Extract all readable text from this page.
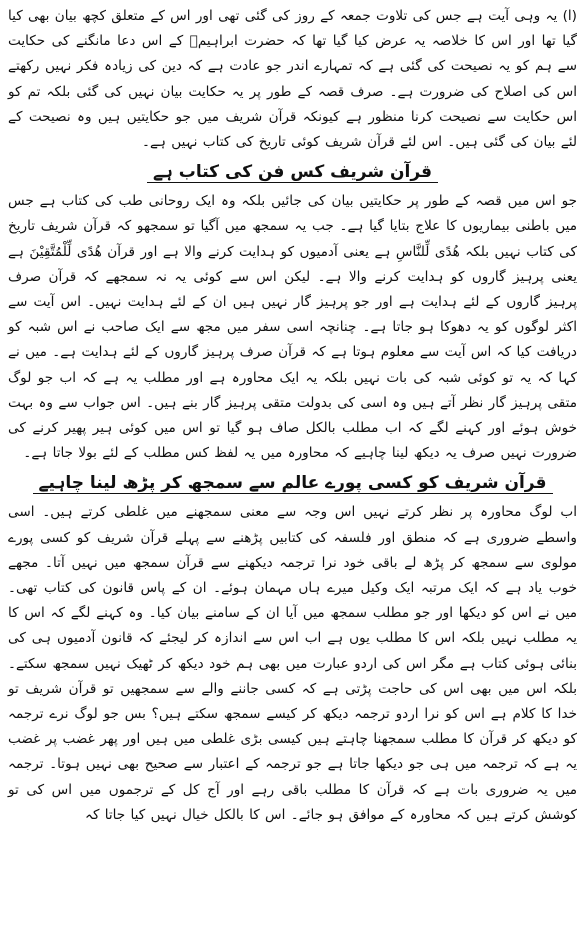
(ا) یہ وہی آیت ہے جس کی تلاوت جمعہ کے روز کی گئی تھی اور اس کے متعلق کچھ بیان بھی کیا گیا تھا اور اس کا خلاصہ یہ عرض کیا گیا تھا کہ حضرت ابراہیمؑ کے اس دعا مانگنے کی حکایت سے ہم کو یہ نصیحت کی گئی ہے کہ تمہارے اندر جو عادت ہے کہ دین کی زیادہ فکر نہیں رکھتے اس کی اصلاح کی ضرورت ہے۔ صرف قصہ کے طور پر یہ حکایت بیان نہیں کی گئی بلکہ تم کو اس حکایت سے نصیحت کرنا منظور ہے کیونکہ قرآن شریف میں جو حکایتیں ہیں وہ نصیحت کے لئے بیان کی گئی ہیں۔ اس لئے قرآن شریف کوئی تاریخ کی کتاب نہیں ہے۔

قرآن شریف کس فن کی کتاب ہے

جو اس میں قصہ کے طور پر حکایتیں بیان کی جائیں بلکہ وہ ایک روحانی طب کی کتاب ہے جس میں باطنی بیماریوں کا علاج بتایا گیا ہے۔ جب یہ سمجھ میں آگیا تو سمجھو کہ قرآن شریف تاریخ کی کتاب نہیں بلکہ هُدًى لِّلنَّاسِ ہے یعنی آدمیوں کو ہدایت کرنے والا ہے اور قرآن هُدًى لِّلْمُتَّقِيْنَ ہے یعنی پرہیز گاروں کو ہدایت کرنے والا ہے۔ لیکن اس سے کوئی یہ نہ سمجھے کہ قرآن صرف پرہیز گاروں کے لئے ہدایت ہے اور جو پرہیز گار نہیں ہیں ان کے لئے ہدایت نہیں۔ اس آیت سے اکثر لوگوں کو یہ دھوکا ہو جاتا ہے۔ چنانچہ اسی سفر میں مجھ سے ایک صاحب نے اس شبہ کو دریافت کیا کہ اس آیت سے معلوم ہوتا ہے کہ قرآن صرف پرہیز گاروں کے لئے ہدایت ہے۔ میں نے کہا کہ یہ تو کوئی شبہ کی بات نہیں بلکہ یہ ایک محاورہ ہے اور مطلب یہ ہے کہ اب جو لوگ متقی پرہیز گار نظر آتے ہیں وہ اسی کی بدولت متقی پرہیز گار بنے ہیں۔ اس جواب سے وہ بہت خوش ہوئے اور کہنے لگے کہ اب مطلب بالکل صاف ہو گیا تو اس میں کوئی ہیر پھیر کرنے کی ضرورت نہیں صرف یہ دیکھ لینا چاہیے کہ محاورہ میں یہ لفظ کس مطلب کے لئے بولا جاتا ہے۔

قرآن شریف کو کسی پورے عالم سے سمجھ کر پڑھ لینا چاہیے

اب لوگ محاورہ پر نظر کرتے نہیں اس وجہ سے معنی سمجھنے میں غلطی کرتے ہیں۔ اسی واسطے ضروری ہے کہ منطق اور فلسفہ کی کتابیں پڑھنے سے پہلے قرآن شریف کو کسی پورے مولوی سے سمجھ کر پڑھ لے باقی خود نرا ترجمہ دیکھنے سے قرآن سمجھ میں نہیں آتا۔ مجھے خوب یاد ہے کہ ایک مرتبہ ایک وکیل میرے ہاں مہمان ہوئے۔ ان کے پاس قانون کی کتاب تھی۔ میں نے اس کو دیکھا اور جو مطلب سمجھ میں آیا ان کے سامنے بیان کیا۔ وہ کہنے لگے کہ اس کا یہ مطلب نہیں بلکہ اس کا مطلب یوں ہے اب اس سے اندازہ کر لیجئے کہ قانون آدمیوں ہی کی بنائی ہوئی کتاب ہے مگر اس کی اردو عبارت میں بھی ہم خود دیکھ کر ٹھیک نہیں سمجھ سکتے۔ بلکہ اس میں بھی اس کی حاجت پڑتی ہے کہ کسی جاننے والے سے سمجھیں تو قرآن شریف تو خدا کا کلام ہے اس کو نرا اردو ترجمہ دیکھ کر کیسے سمجھ سکتے ہیں؟ بس جو لوگ نرے ترجمہ کو دیکھ کر قرآن کا مطلب سمجھنا چاہتے ہیں کیسی بڑی غلطی میں ہیں اور پھر غضب پر غضب یہ ہے کہ ترجمہ میں ہی جو دیکھا جاتا ہے جو ترجمہ کے اعتبار سے صحیح بھی نہیں ہوتا۔ ترجمہ میں یہ ضروری بات ہے کہ قرآن کا مطلب باقی رہے اور آج کل کے ترجموں میں اس کی تو کوشش کرتے ہیں کہ محاورہ کے موافق ہو جائے۔ اس کا بالکل خیال نہیں کیا جاتا کہ
